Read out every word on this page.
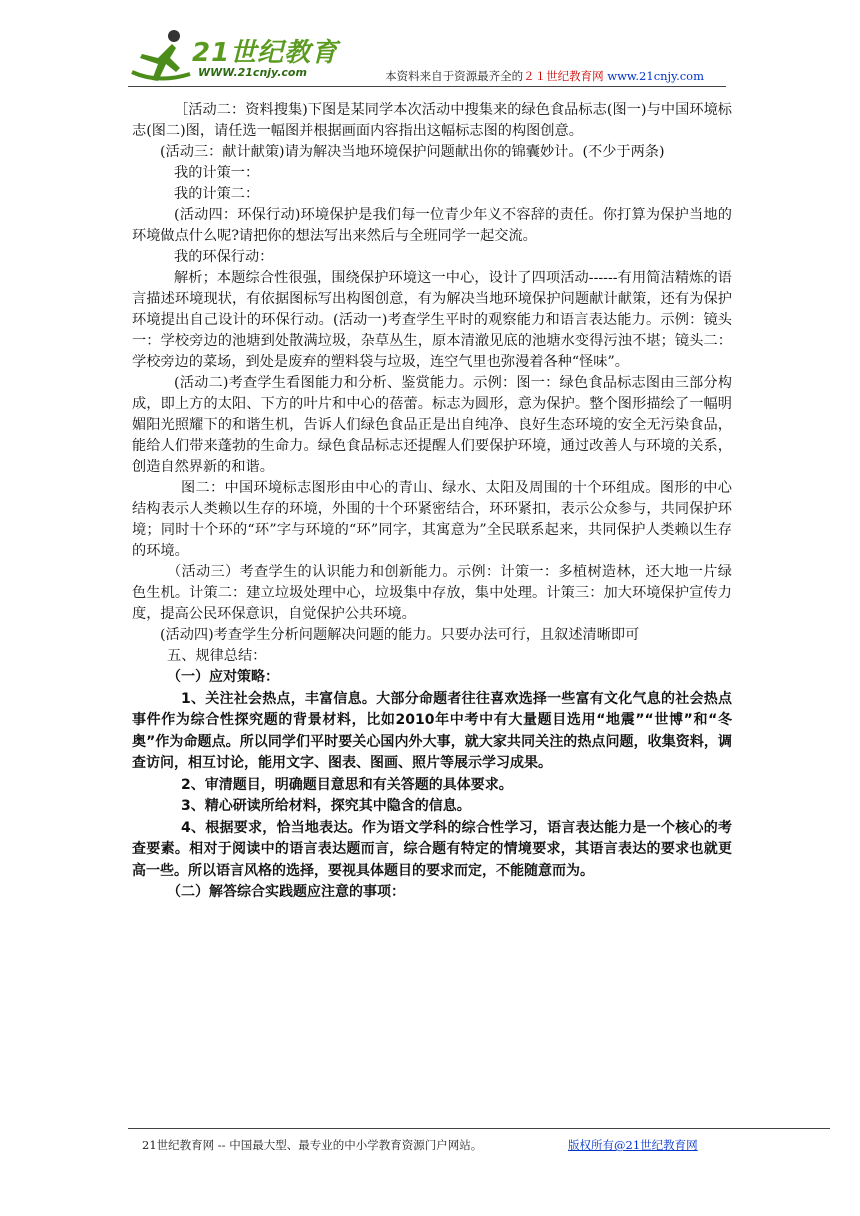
21世纪教育
WWW.21cnjy.com	本资料来自于资源最齐全的２１世纪教育网 www.21cnjy.com

［活动二：资料搜集)下图是某同学本次活动中搜集来的绿色食品标志(图一)与中国环境标　志(图二)图，请任选一幅图并根据画面内容指出这幅标志图的构图创意。

(活动三：献计献策)请为解决当地环境保护问题献出你的锦囊妙计。(不少于两条)

我的计策一：

我的计策二：

(活动四：环保行动)环境保护是我们每一位青少年义不容辞的责任。你打算为保护当地的环境做点什么呢?请把你的想法写出来然后与全班同学一起交流。

我的环保行动：

解析；本题综合性很强，围绕保护环境这一中心，设计了四项活动------有用简洁精炼的语言描述环境现状，有依据图标写出构图创意，有为解决当地环境保护问题献计献策，还有为保护环境提出自己设计的环保行动。(活动一)考查学生平时的观察能力和语言表达能力。示例：镜头一：学校旁边的池塘到处散满垃圾，杂草丛生，原本清澈见底的池塘水变得污浊不堪；镜头二：学校旁边的菜场，到处是废弃的塑料袋与垃圾，连空气里也弥漫着各种“怪味”。

(活动二)考查学生看图能力和分析、鉴赏能力。示例：图一：绿色食品标志图由三部分构成，即上方的太阳、下方的叶片和中心的蓓蕾。标志为圆形，意为保护。整个图形描绘了一幅明媚阳光照耀下的和谐生机，告诉人们绿色食品正是出自纯净、良好生态环境的安全无污染食品，能给人们带来蓬勃的生命力。绿色食品标志还提醒人们要保护环境，通过改善人与环境的关系，创造自然界新的和谐。

图二：中国环境标志图形由中心的青山、绿水、太阳及周围的十个环组成。图形的中心结构表示人类赖以生存的环境，外围的十个环紧密结合，环环紧扣，表示公众参与，共同保护环境；同时十个环的“环”字与环境的“环”同字，其寓意为”全民联系起来，共同保护人类赖以生存的环境。

（活动三）考查学生的认识能力和创新能力。示例：计策一：多植树造林，还大地一片绿色生机。计策二：建立垃圾处理中心，垃圾集中存放，集中处理。计策三：加大环境保护宣传力度，提高公民环保意识，自觉保护公共环境。

(活动四)考查学生分析问题解决问题的能力。只要办法可行，且叙述清晰即可

五、规律总结：

（一）应对策略：

1、关注社会热点，丰富信息。大部分命题者往往喜欢选择一些富有文化气息的社会热点事件作为综合性探究题的背景材料，比如2010年中考中有大量题目选用“地震”“世博”和“冬奥”作为命题点。所以同学们平时要关心国内外大事，就大家共同关注的热点问题，收集资料，调查访问，相互讨论，能用文字、图表、图画、照片等展示学习成果。

2、审清题目，明确题目意思和有关答题的具体要求。

3、精心研读所给材料，探究其中隐含的信息。

4、根据要求，恰当地表达。作为语文学科的综合性学习，语言表达能力是一个核心的考查要素。相对于阅读中的语言表达题而言，综合题有特定的情境要求，其语言表达的要求也就更高一些。所以语言风格的选择，要视具体题目的要求而定，不能随意而为。

（二）解答综合实践题应注意的事项：

21世纪教育网 -- 中国最大型、最专业的中小学教育资源门户网站。	版权所有@21世纪教育网
